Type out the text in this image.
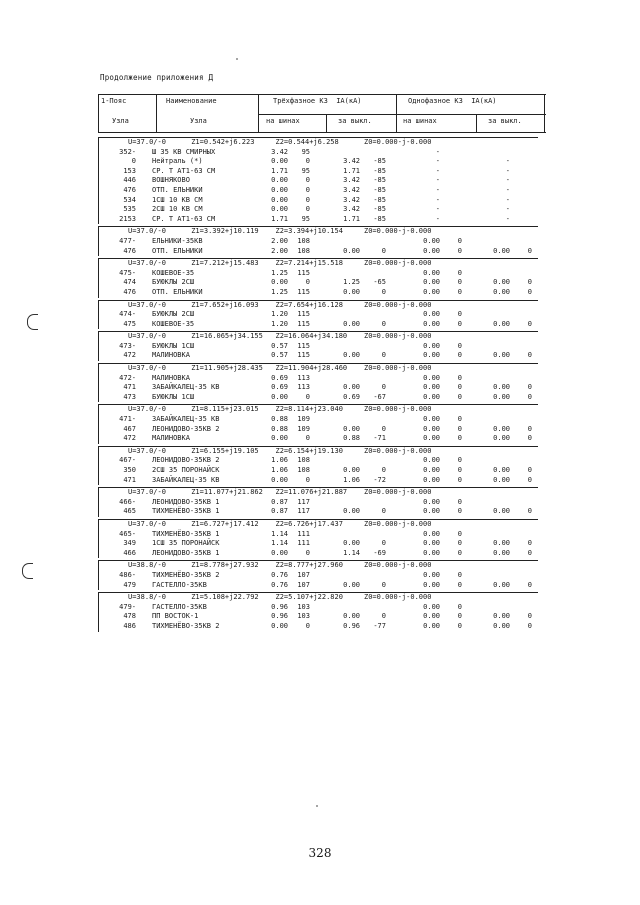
Продолжение приложения Д
1-Пояс
Узла
Наименование
Узла
Трёхфазное КЗ  IA(кА)	Однофазное КЗ  IA(кА)
на шинах	за выкл.	на шинах	за выкл.
U=37.0/-0      Z1=0.542+j6.223     Z2=0.544+j6.258      Z0=0.000-j-0.000
352- Ш 35 КВ СМИРНЫХ	3.42	95	-
0 Нейтраль (*)	0.00	0	3.42	-85	-	-
153 СР. Т АТ1-63 СМ	1.71	95	1.71	-85	-	-
446 ВОШНЯКОВО	0.00	0	3.42	-85	-	-
476 ОТП. ЕЛЬНИКИ	0.00	0	3.42	-85	-	-
534 1СШ 10 КВ СМ	0.00	0	3.42	-85	-	-
535 2СШ 10 КВ СМ	0.00	0	3.42	-85	-	-
2153 СР. Т АТ1-63 СМ	1.71	95	1.71	-85	-	-
U=37.0/-0      Z1=3.392+j10.119    Z2=3.394+j10.154     Z0=0.000-j-0.000
477- ЕЛЬНИКИ-35КВ	2.00	108	0.00	0
476 ОТП. ЕЛЬНИКИ	2.00	108	0.00	0	0.00	0	0.00	0
U=37.0/-0      Z1=7.212+j15.483    Z2=7.214+j15.518     Z0=0.000-j-0.000
475- КОШЕВОЕ-35	1.25	115	0.00	0
474 БУЮКЛЫ 2СШ	0.00	0	1.25	-65	0.00	0	0.00	0
476 ОТП. ЕЛЬНИКИ	1.25	115	0.00	0	0.00	0	0.00	0
U=37.0/-0      Z1=7.652+j16.093    Z2=7.654+j16.128     Z0=0.000-j-0.000
474- БУЮКЛЫ 2СШ	1.20	115	0.00	0
475 КОШЕВОЕ-35	1.20	115	0.00	0	0.00	0	0.00	0
U=37.0/-0      Z1=16.065+j34.155   Z2=16.064+j34.180    Z0=0.000-j-0.000
473- БУЮКЛЫ 1СШ	0.57	115	0.00	0
472 МАЛИНОВКА	0.57	115	0.00	0	0.00	0	0.00	0
U=37.0/-0      Z1=11.905+j28.435   Z2=11.904+j28.460    Z0=0.000-j-0.000
472- МАЛИНОВКА	0.69	113	0.00	0
471 ЗАБАЙКАЛЕЦ-35 КВ	0.69	113	0.00	0	0.00	0	0.00	0
473 БУЮКЛЫ 1СШ	0.00	0	0.69	-67	0.00	0	0.00	0
U=37.0/-0      Z1=8.115+j23.015    Z2=8.114+j23.040     Z0=0.000-j-0.000
471- ЗАБАЙКАЛЕЦ-35 КВ	0.88	109	0.00	0
467 ЛЕОНИДОВО-35КВ 2	0.88	109	0.00	0	0.00	0	0.00	0
472 МАЛИНОВКА	0.00	0	0.88	-71	0.00	0	0.00	0
U=37.0/-0      Z1=6.155+j19.105    Z2=6.154+j19.130     Z0=0.000-j-0.000
467- ЛЕОНИДОВО-35КВ 2	1.06	108	0.00	0
350 2СШ 35 ПОРОНАЙСК	1.06	108	0.00	0	0.00	0	0.00	0
471 ЗАБАЙКАЛЕЦ-35 КВ	0.00	0	1.06	-72	0.00	0	0.00	0
U=37.0/-0      Z1=11.077+j21.862   Z2=11.076+j21.887    Z0=0.000-j-0.000
466- ЛЕОНИДОВО-35КВ 1	0.87	117	0.00	0
465 ТИХМЕНЁВО-35КВ 1	0.87	117	0.00	0	0.00	0	0.00	0
U=37.0/-0      Z1=6.727+j17.412    Z2=6.726+j17.437     Z0=0.000-j-0.000
465- ТИХМЕНЁВО-35КВ 1	1.14	111	0.00	0
349 1СШ 35 ПОРОНАЙСК	1.14	111	0.00	0	0.00	0	0.00	0
466 ЛЕОНИДОВО-35КВ 1	0.00	0	1.14	-69	0.00	0	0.00	0
U=38.8/-0      Z1=8.778+j27.932    Z2=8.777+j27.960     Z0=0.000-j-0.000
486- ТИХМЕНЁВО-35КВ 2	0.76	107	0.00	0
479 ГАСТЕЛЛО-35КВ	0.76	107	0.00	0	0.00	0	0.00	0
U=38.8/-0      Z1=5.108+j22.792    Z2=5.107+j22.820     Z0=0.000-j-0.000
479- ГАСТЕЛЛО-35КВ	0.96	103	0.00	0
478 ПП ВОСТОК-1	0.96	103	0.00	0	0.00	0	0.00	0
486 ТИХМЕНЁВО-35КВ 2	0.00	0	0.96	-77	0.00	0	0.00	0
328
